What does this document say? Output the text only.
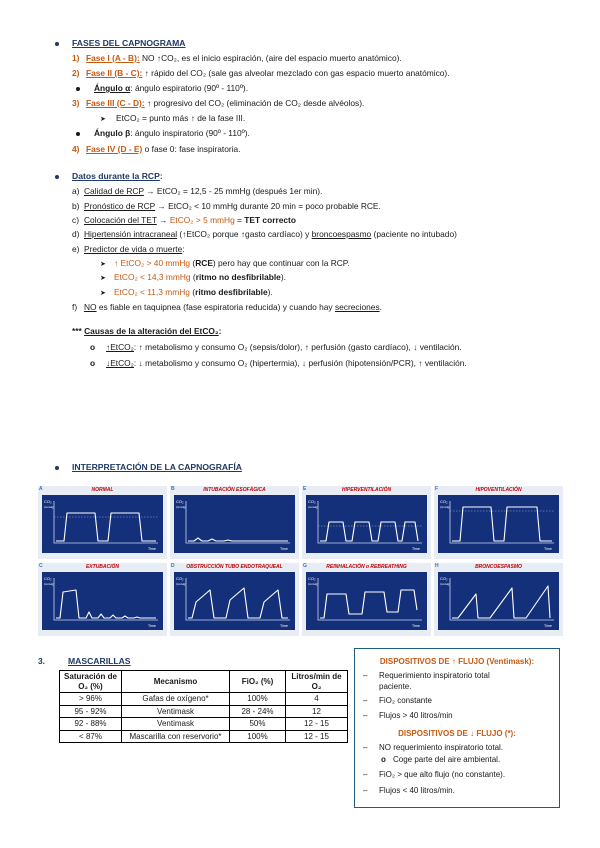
FASES DEL CAPNOGRAMA
1) Fase I (A - B): NO ↑CO₂, es el inicio espiración, (aire del espacio muerto anatómico).
2) Fase II (B - C): ↑ rápido del CO₂ (sale gas alveolar mezclado con gas espacio muerto anatómico).
Ángulo α: ángulo espiratorio (90º - 110º).
3) Fase III (C - D): ↑ progresivo del CO₂ (eliminación de CO₂ desde alvéolos).
➤ EtCO₂ = punto más ↑ de la fase III.
Ángulo β: ángulo inspiratorio (90º - 110º).
4) Fase IV (D - E) o fase 0: fase inspiratoria.
Datos durante la RCP:
a) Calidad de RCP → EtCO₂ = 12,5 - 25 mmHg (después 1er min).
b) Pronóstico de RCP → EtCO₂ < 10 mmHg durante 20 min = poco probable RCE.
c) Colocación del TET → EtCO₂ > 5 mmHg = TET correcto
d) Hipertensión intracraneal (↑EtCO₂ porque ↑gasto cardíaco) y broncoespasmo (paciente no intubado)
e) Predictor de vida o muerte:
➤ ↑ EtCO₂ > 40 mmHg (RCE) pero hay que continuar con la RCP.
➤ EtCO₂ < 14,3 mmHg (ritmo no desfibrilable).
➤ EtCO₂ < 11,3 mmHg (ritmo desfibrilable).
f) NO es fiable en taquipnea (fase espiratoria reducida) y cuando hay secreciones.
*** Causas de la alteración del EtCO₂:
o ↑EtCO₂: ↑ metabolismo y consumo O₂ (sepsis/dolor), ↑ perfusión (gasto cardíaco), ↓ ventilación.
o ↓EtCO₂: ↓ metabolismo y consumo O₂ (hipertermia), ↓ perfusión (hipotensión/PCR), ↑ ventilación.
INTERPRETACIÓN DE LA CAPNOGRAFÍA
A	NORMAL
CO₂
(mmHg)
Time
B	INTUBACIÓN ESOFÁGICA
CO₂
(mmHg)
Time
E	HIPERVENTILACIÓN
CO₂
(mmHg)
Time
F	HIPOVENTILACIÓN
CO₂
(mmHg)
Time
C	EXTUBACIÓN
CO₂
(mmHg)
Time
D	OBSTRUCCIÓN TUBO ENDOTRAQUEAL
CO₂
(mmHg)
Time
G	REINHALACIÓN o REBREATHING
CO₂
(mmHg)
Time
H	BRONCOESPASMO
CO₂
(mmHg)
Time
3.	MASCARILLAS
Saturación de O₂ (%)	Mecanismo	FiO₂ (%)	Litros/min de O₂
> 96%	Gafas de oxígeno*	100%	4
95 - 92%	Ventimask	28 - 24%	12
92 - 88%	Ventimask	50%	12 - 15
< 87%	Mascarilla con reservorio*	100%	12 - 15
DISPOSITIVOS DE ↑ FLUJO (Ventimask):
– Requerimiento inspiratorio total
paciente.
– FiO₂ constante
– Flujos > 40 litros/min
DISPOSITIVOS DE ↓ FLUJO (*):
– NO requerimiento inspiratorio total.
o Coge parte del aire ambiental.
– FiO₂ > que alto flujo (no constante).
– Flujos < 40 litros/min.
